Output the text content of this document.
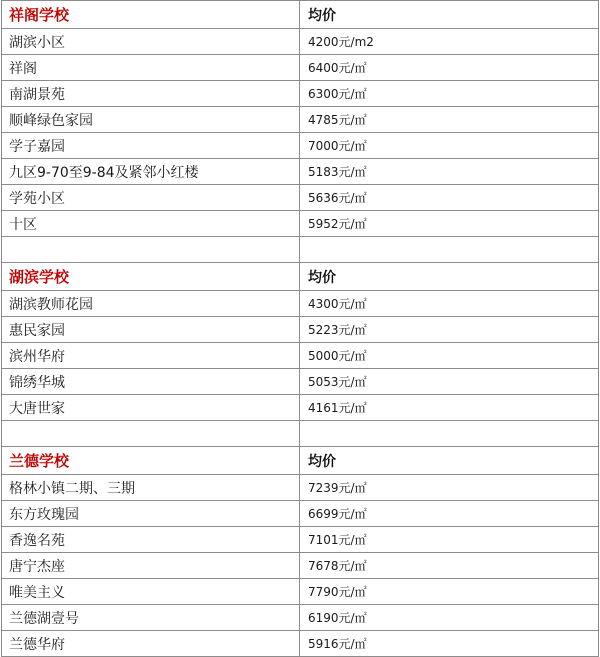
祥阁学校	均价
湖滨小区	4200元/m2
祥阁	6400元/㎡
南湖景苑	6300元/㎡
顺峰绿色家园	4785元/㎡
学子嘉园	7000元/㎡
九区9-70至9-84及紧邻小红楼	5183元/㎡
学苑小区	5636元/㎡
十区	5952元/㎡

湖滨学校	均价
湖滨教师花园	4300元/㎡
惠民家园	5223元/㎡
滨州华府	5000元/㎡
锦绣华城	5053元/㎡
大唐世家	4161元/㎡

兰德学校	均价
格林小镇二期、三期	7239元/㎡
东方玫瑰园	6699元/㎡
香逸名苑	7101元/㎡
唐宁杰座	7678元/㎡
唯美主义	7790元/㎡
兰德湖壹号	6190元/㎡
兰德华府	5916元/㎡
